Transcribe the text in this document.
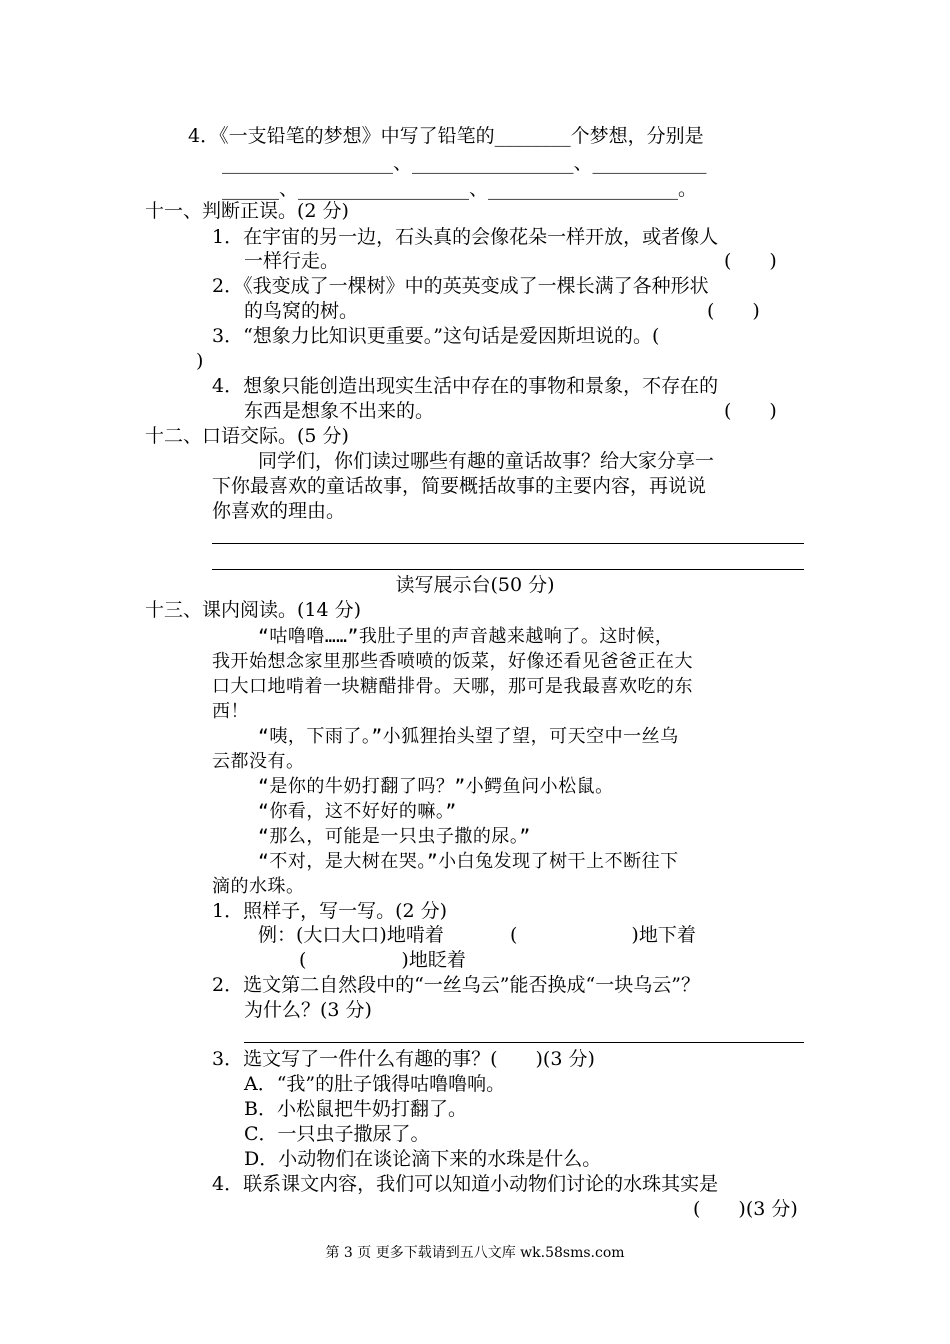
4．《一支铅笔的梦想》中写了铅笔的________个梦想，分别是
__________________、_________________、____________
______、__________________、____________________。
十一、判断正误。(2 分)
1．在宇宙的另一边，石头真的会像花朵一样开放，或者像人
一样行走。	(　　)
2．《我变成了一棵树》中的英英变成了一棵长满了各种形状
的鸟窝的树。	(　　)
3．“想象力比知识更重要。”这句话是爱因斯坦说的。(
)
4．想象只能创造出现实生活中存在的事物和景象，不存在的
东西是想象不出来的。	(　　)
十二、口语交际。(5 分)
同学们，你们读过哪些有趣的童话故事？给大家分享一
下你最喜欢的童话故事，简要概括故事的主要内容，再说说
你喜欢的理由。
读写展示台(50 分)
十三、课内阅读。(14 分)
“咕噜噜……”我肚子里的声音越来越响了。这时候，
我开始想念家里那些香喷喷的饭菜，好像还看见爸爸正在大
口大口地啃着一块糖醋排骨。天哪，那可是我最喜欢吃的东
西！
“咦，下雨了。”小狐狸抬头望了望，可天空中一丝乌
云都没有。
“是你的牛奶打翻了吗？”小鳄鱼问小松鼠。
“你看，这不好好的嘛。”
“那么，可能是一只虫子撒的尿。”
“不对，是大树在哭。”小白兔发现了树干上不断往下
滴的水珠。
1．照样子，写一写。(2 分)
例：(大口大口)地啃着	(　　　　　　)地下着
(　　　　　)地眨着
2．选文第二自然段中的“一丝乌云”能否换成“一块乌云”？
为什么？(3 分)
3．选文写了一件什么有趣的事？(　　)(3 分)
A．“我”的肚子饿得咕噜噜响。
B．小松鼠把牛奶打翻了。
C．一只虫子撒尿了。
D．小动物们在谈论滴下来的水珠是什么。
4．联系课文内容，我们可以知道小动物们讨论的水珠其实是
(　　)(3 分)
第 3 页 更多下载请到五八文库 wk.58sms.com
